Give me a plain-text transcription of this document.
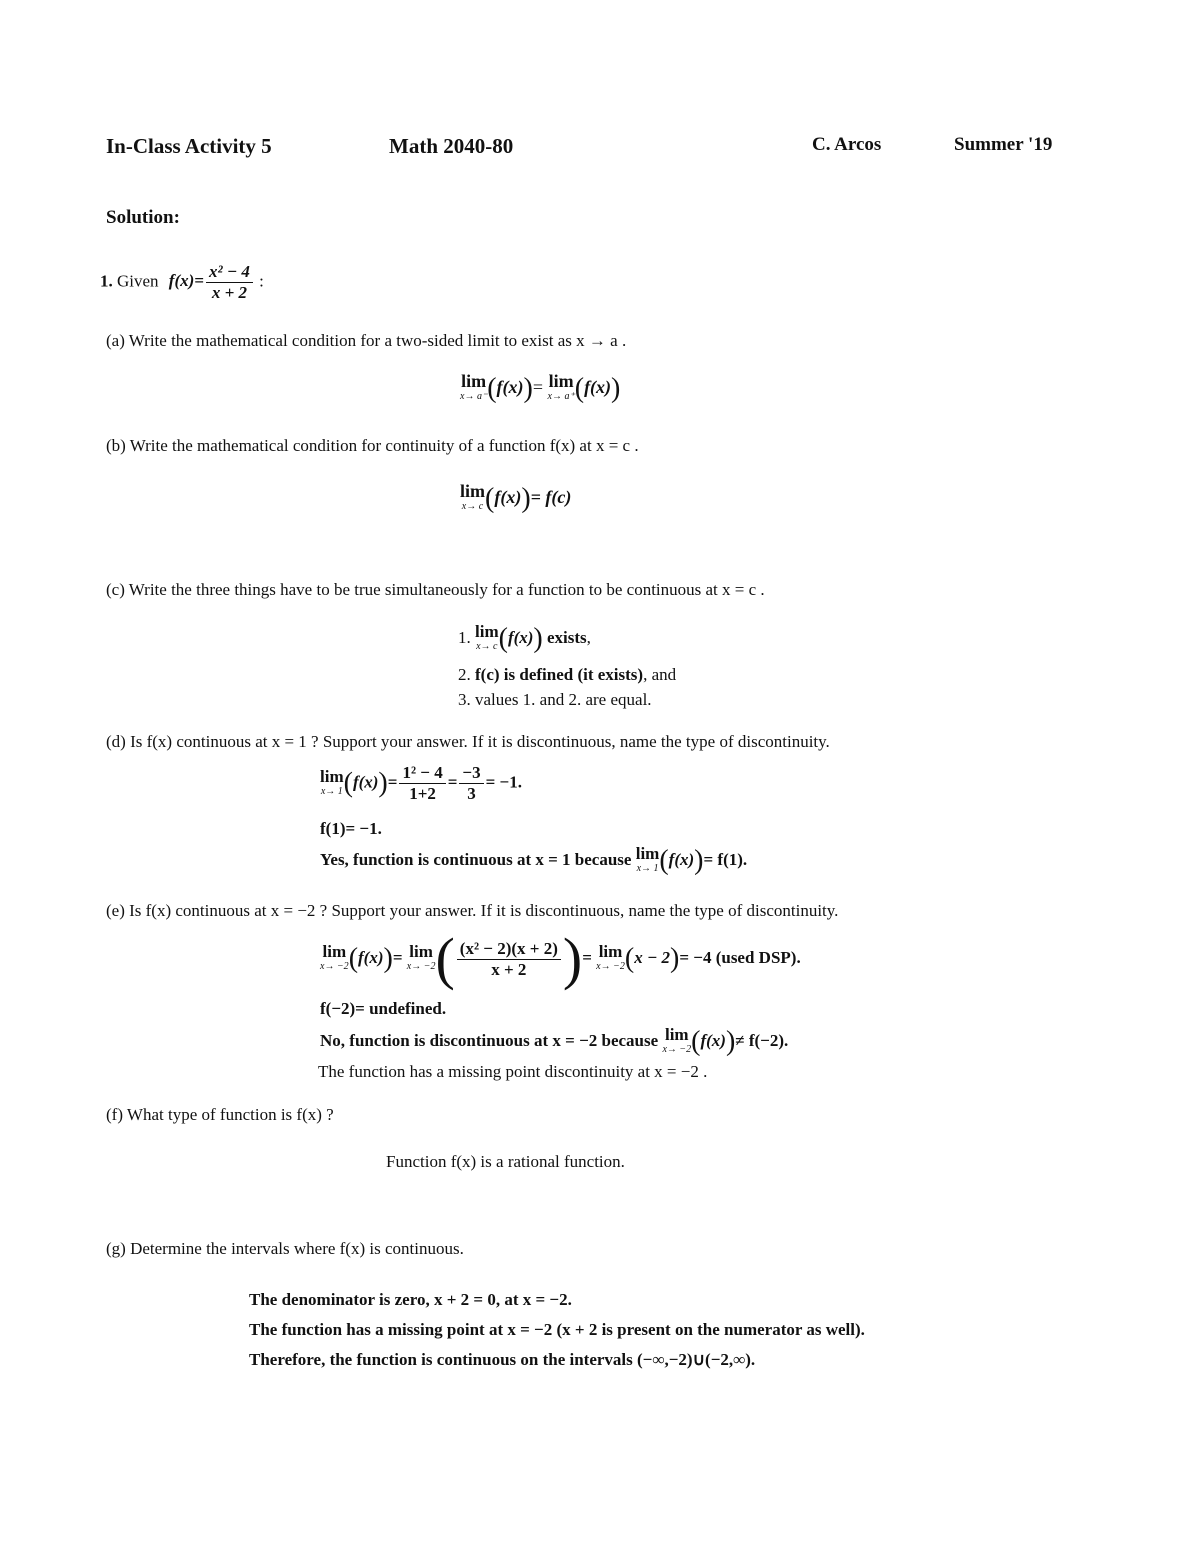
In-Class Activity 5	Math 2040-80	C. Arcos	Summer '19
Solution:
1. Given $f(x)= \frac{\text{x² − 4}}{x + 2}$ :
(a) Write the mathematical condition for a two-sided limit to exist as x → a .
lim
x→ a⁻ (f(x))= lim
x→ a⁺ (f(x))
(b) Write the mathematical condition for continuity of a function f(x) at x = c .
lim
x→ c (f(x))= f(c)
(c) Write the three things have to be true simultaneously for a function to be continuous at x = c .
1. lim
x→ c (f(x)) exists,
2. f(c) is defined (it exists), and
3. values 1. and 2. are equal.
(d) Is f(x) continuous at x = 1 ? Support your answer. If it is discontinuous, name the type of discontinuity.
lim
x→ 1 $(f(x))= \frac{\text{1² − 4}}{1+2} = \frac{-3}{3} = -1$.
f(1)= −1.
Yes, function is continuous at x = 1 because lim
x→ 1 (f(x))= f(1).
(e) Is f(x) continuous at x = −2 ? Support your answer. If it is discontinuous, name the type of discontinuity.
lim
x→ −2 (f(x))= lim
x→ −2 ( $\frac{\text{(x² − 2)(x + 2)}}{x + 2}$ )= lim
x→ −2 (x − 2)= −4 (used DSP).
f(−2)= undefined.
No, function is discontinuous at x = −2 because lim
x→ −2 (f(x))≠ f(−2).
The function has a missing point discontinuity at x = −2 .
(f) What type of function is f(x) ?
Function f(x) is a rational function.
(g) Determine the intervals where f(x) is continuous.
The denominator is zero, x + 2 = 0, at x = −2.
The function has a missing point at x = −2 (x + 2 is present on the numerator as well).
Therefore, the function is continuous on the intervals (−∞,−2)∪(−2,∞).
